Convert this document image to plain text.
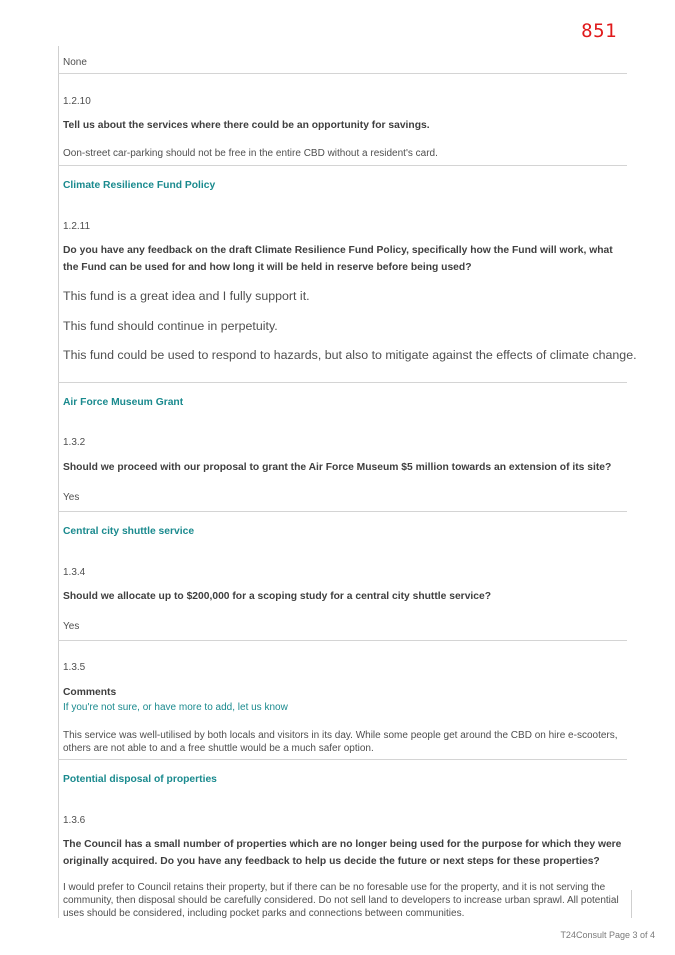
851
None
1.2.10
Tell us about the services where there could be an opportunity for savings.
Oon-street car-parking should not be free in the entire CBD without a resident's card.
Climate Resilience Fund Policy
1.2.11
Do you have any feedback on the draft Climate Resilience Fund Policy, specifically how the Fund will work, what the Fund can be used for and how long it will be held in reserve before being used?
This fund is a great idea and I fully support it.
This fund should continue in perpetuity.
This fund could be used to respond to hazards, but also to mitigate against the effects of climate change.
Air Force Museum Grant
1.3.2
Should we proceed with our proposal to grant the Air Force Museum $5 million towards an extension of its site?
Yes
Central city shuttle service
1.3.4
Should we allocate up to $200,000 for a scoping study for a central city shuttle service?
Yes
1.3.5
Comments
If you're not sure, or have more to add, let us know
This service was well-utilised by both locals and visitors in its day. While some people get around the CBD on hire e-scooters, others are not able to and a free shuttle would be a much safer option.
Potential disposal of properties
1.3.6
The Council has a small number of properties which are no longer being used for the purpose for which they were originally acquired. Do you have any feedback to help us decide the future or next steps for these properties?
I would prefer to Council retains their property, but if there can be no foresable use for the property, and it is not serving the community, then disposal should be carefully considered. Do not sell land to developers to increase urban sprawl. All potential uses should be considered, including pocket parks and connections between communities.
T24Consult Page 3 of 4
